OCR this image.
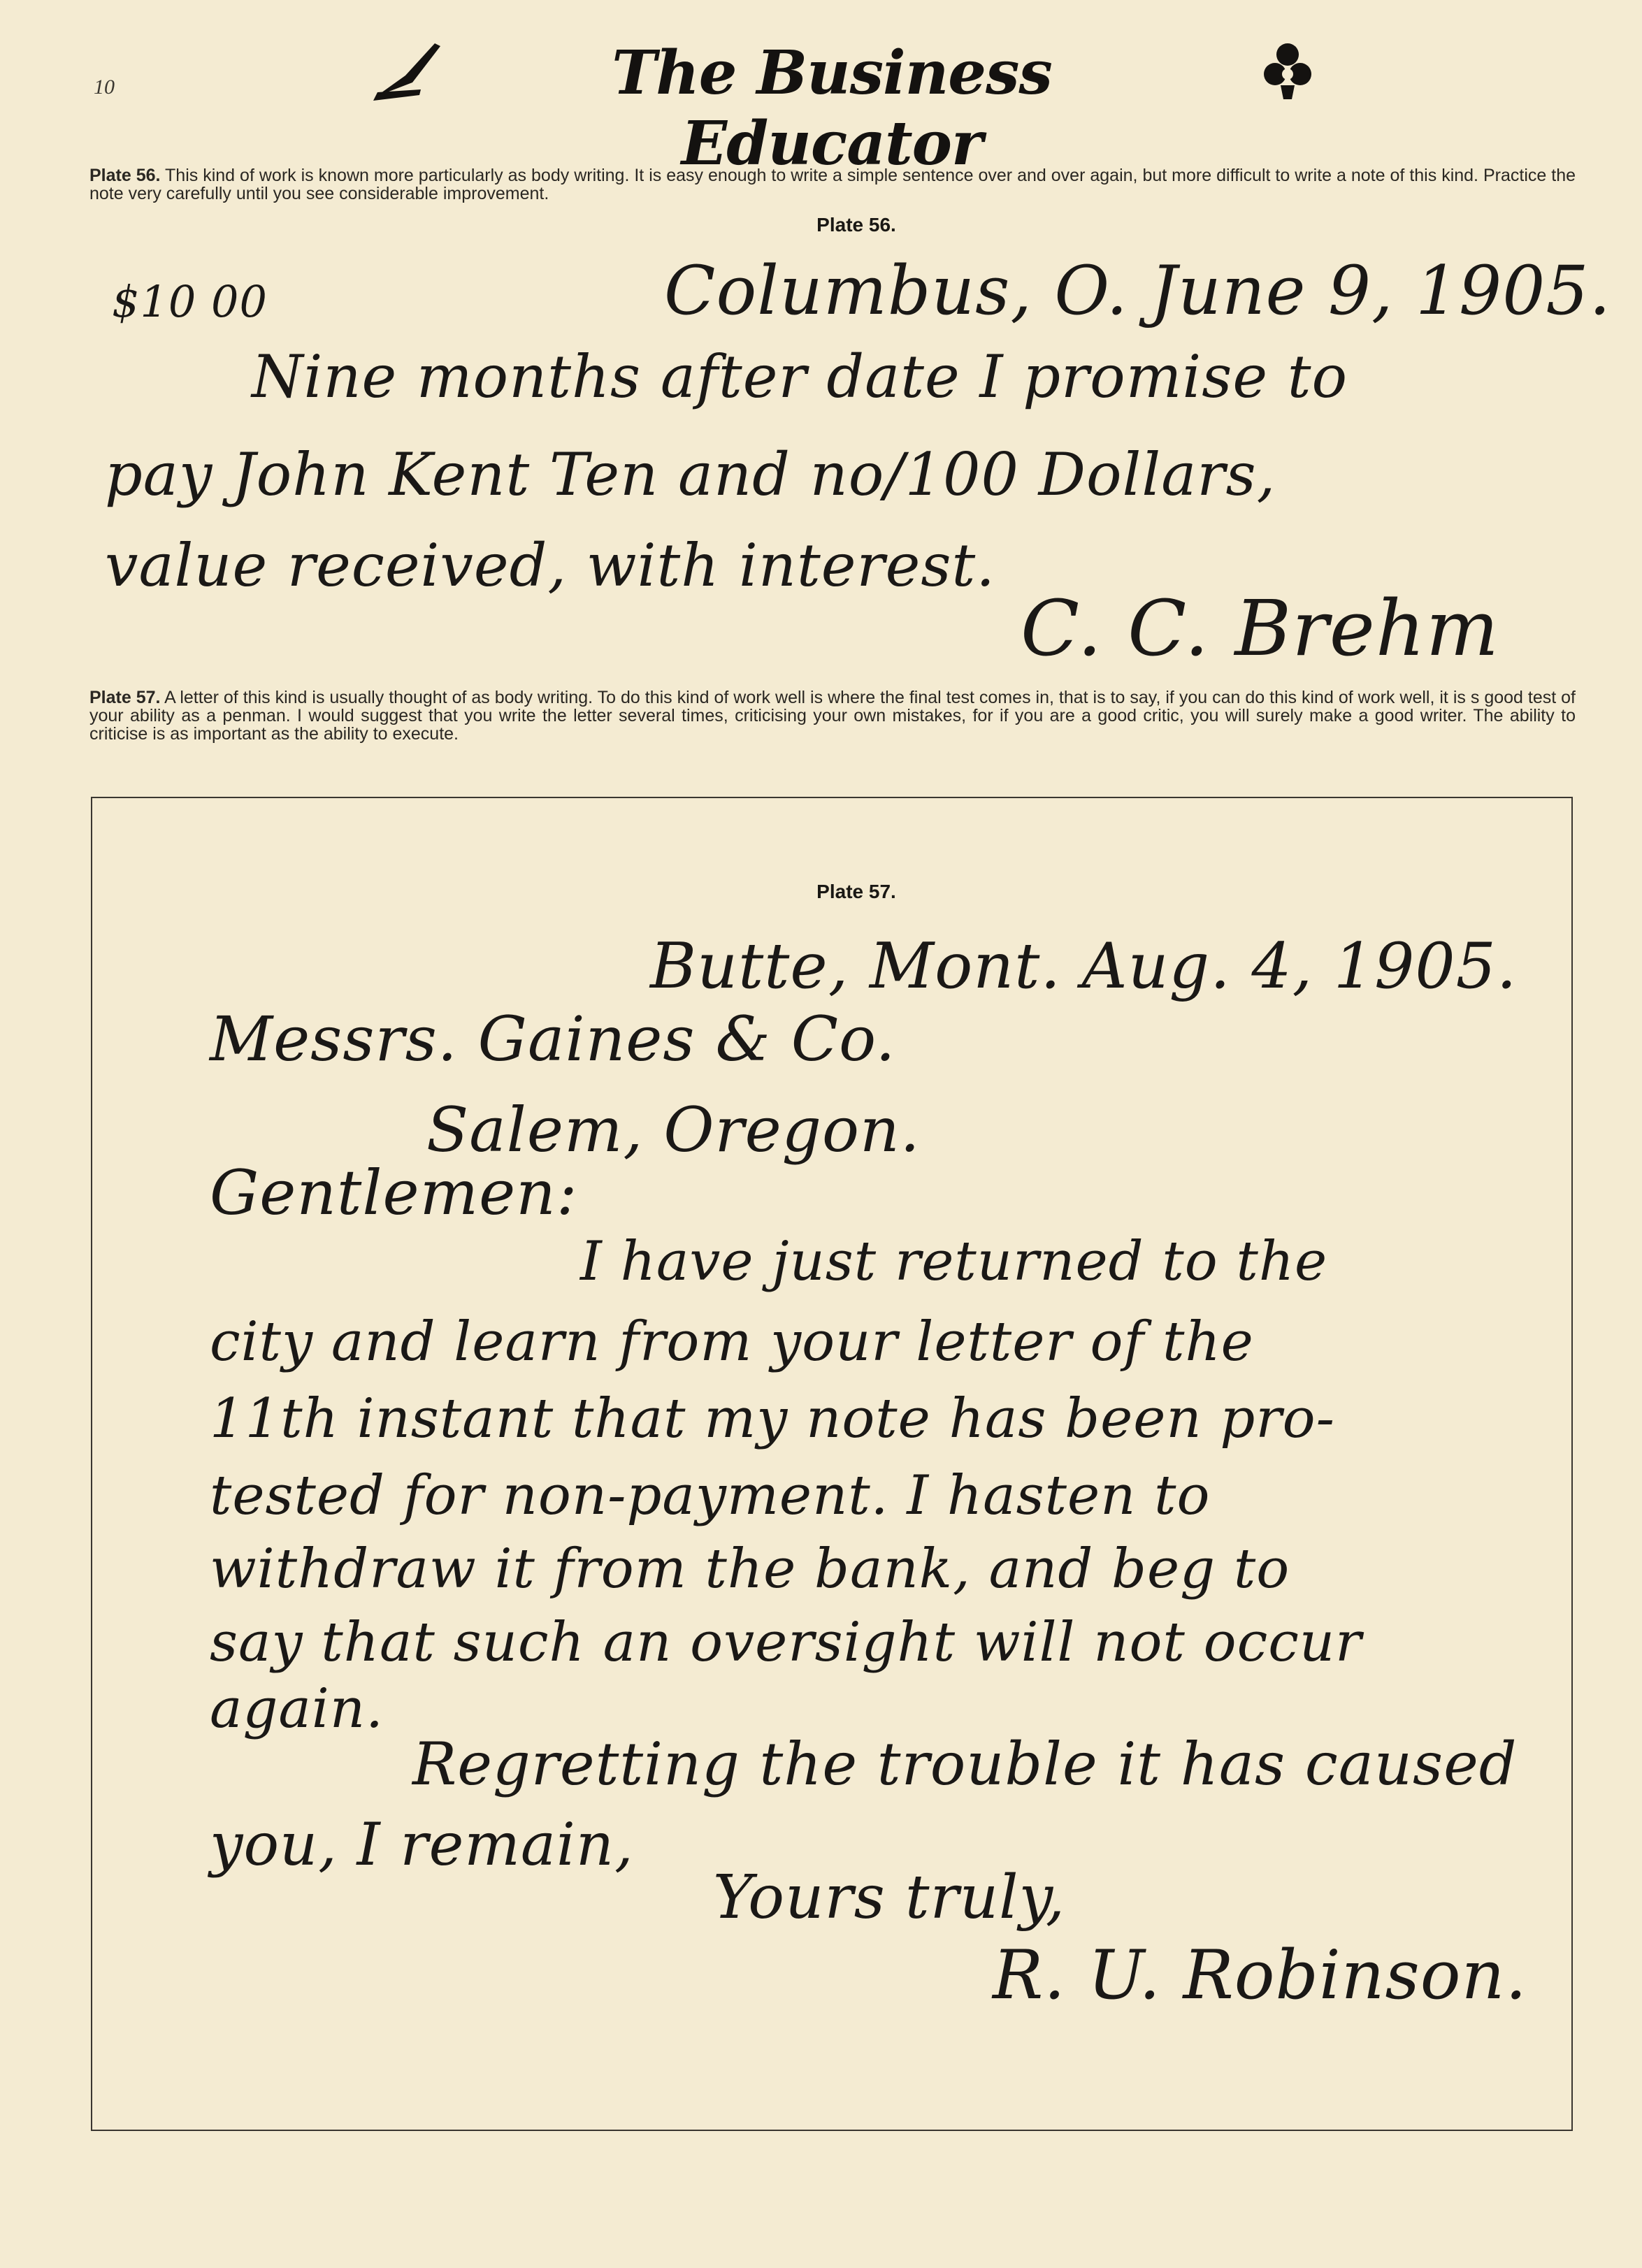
10	The Business Educator
Plate 56. This kind of work is known more particularly as body writing. It is easy enough to write a simple sentence over and over again, but more difficult to write a note of this kind. Practice the note very carefully until you see considerable improvement.
Plate 56.
$10 00	Columbus, O. June 9, 1905.
Nine months after date I promise to
pay John Kent Ten and no/100 Dollars,
value received, with interest.
C. C. Brehm
Plate 57. A letter of this kind is usually thought of as body writing. To do this kind of work well is where the final test comes in, that is to say, if you can do this kind of work well, it is s good test of your ability as a penman. I would suggest that you write the letter several times, criticising your own mistakes, for if you are a good critic, you will surely make a good writer. The ability to criticise is as important as the ability to execute.
Plate 57.
Butte, Mont. Aug. 4, 1905.
Messrs. Gaines & Co.
Salem, Oregon.
Gentlemen:
I have just returned to the
city and learn from your letter of the
11th instant that my note has been pro-
tested for non-payment. I hasten to
withdraw it from the bank, and beg to
say that such an oversight will not occur
again.
Regretting the trouble it has caused
you, I remain,
Yours truly,
R. U. Robinson.
